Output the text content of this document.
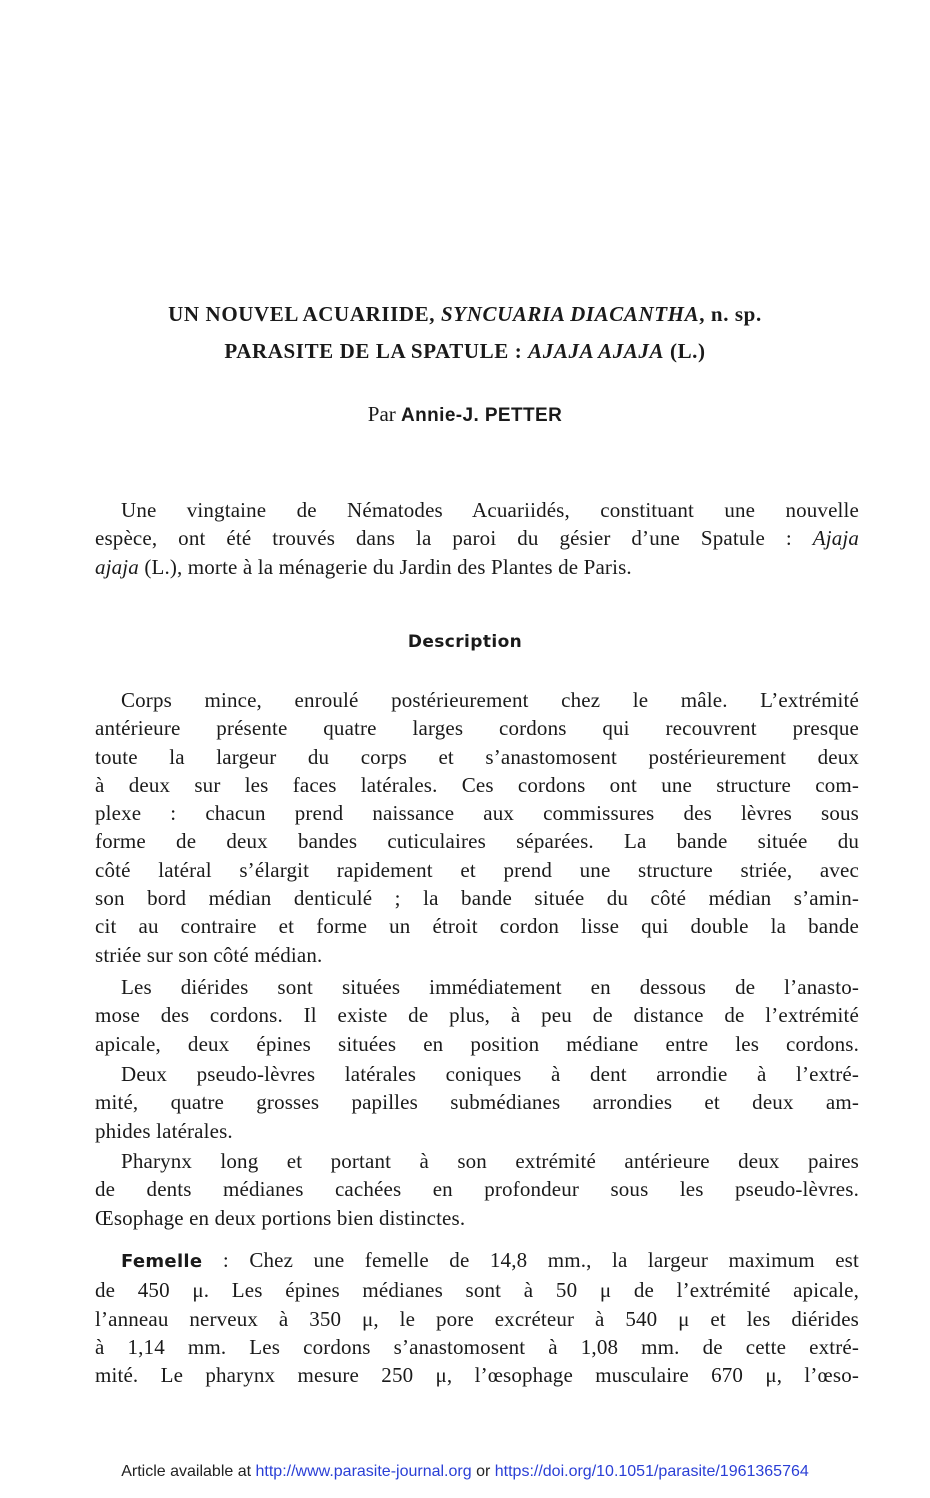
UN NOUVEL ACUARIIDE, SYNCUARIA DIACANTHA, n. sp.
PARASITE DE LA SPATULE : AJAJA AJAJA (L.)
Par Annie-J. PETTER
Une vingtaine de Nématodes Acuariidés, constituant une nouvelle
espèce, ont été trouvés dans la paroi du gésier d’une Spatule : Ajaja
ajaja (L.), morte à la ménagerie du Jardin des Plantes de Paris.
Description
Corps mince, enroulé postérieurement chez le mâle. L’extrémité
antérieure présente quatre larges cordons qui recouvrent presque
toute la largeur du corps et s’anastomosent postérieurement deux
à deux sur les faces latérales. Ces cordons ont une structure com-
plexe : chacun prend naissance aux commissures des lèvres sous
forme de deux bandes cuticulaires séparées. La bande située du
côté latéral s’élargit rapidement et prend une structure striée, avec
son bord médian denticulé ; la bande située du côté médian s’amin-
cit au contraire et forme un étroit cordon lisse qui double la bande
striée sur son côté médian.
Les diérides sont situées immédiatement en dessous de l’anasto-
mose des cordons. Il existe de plus, à peu de distance de l’extrémité
apicale, deux épines situées en position médiane entre les cordons.
Deux pseudo-lèvres latérales coniques à dent arrondie à l’extré-
mité, quatre grosses papilles submédianes arrondies et deux am-
phides latérales.
Pharynx long et portant à son extrémité antérieure deux paires
de dents médianes cachées en profondeur sous les pseudo-lèvres.
Œsophage en deux portions bien distinctes.
Femelle : Chez une femelle de 14,8 mm., la largeur maximum est
de 450 μ. Les épines médianes sont à 50 μ de l’extrémité apicale,
l’anneau nerveux à 350 μ, le pore excréteur à 540 μ et les diérides
à 1,14 mm. Les cordons s’anastomosent à 1,08 mm. de cette extré-
mité. Le pharynx mesure 250 μ, l’œsophage musculaire 670 μ, l’œso-
Article available at http://www.parasite-journal.org or https://doi.org/10.1051/parasite/1961365764
